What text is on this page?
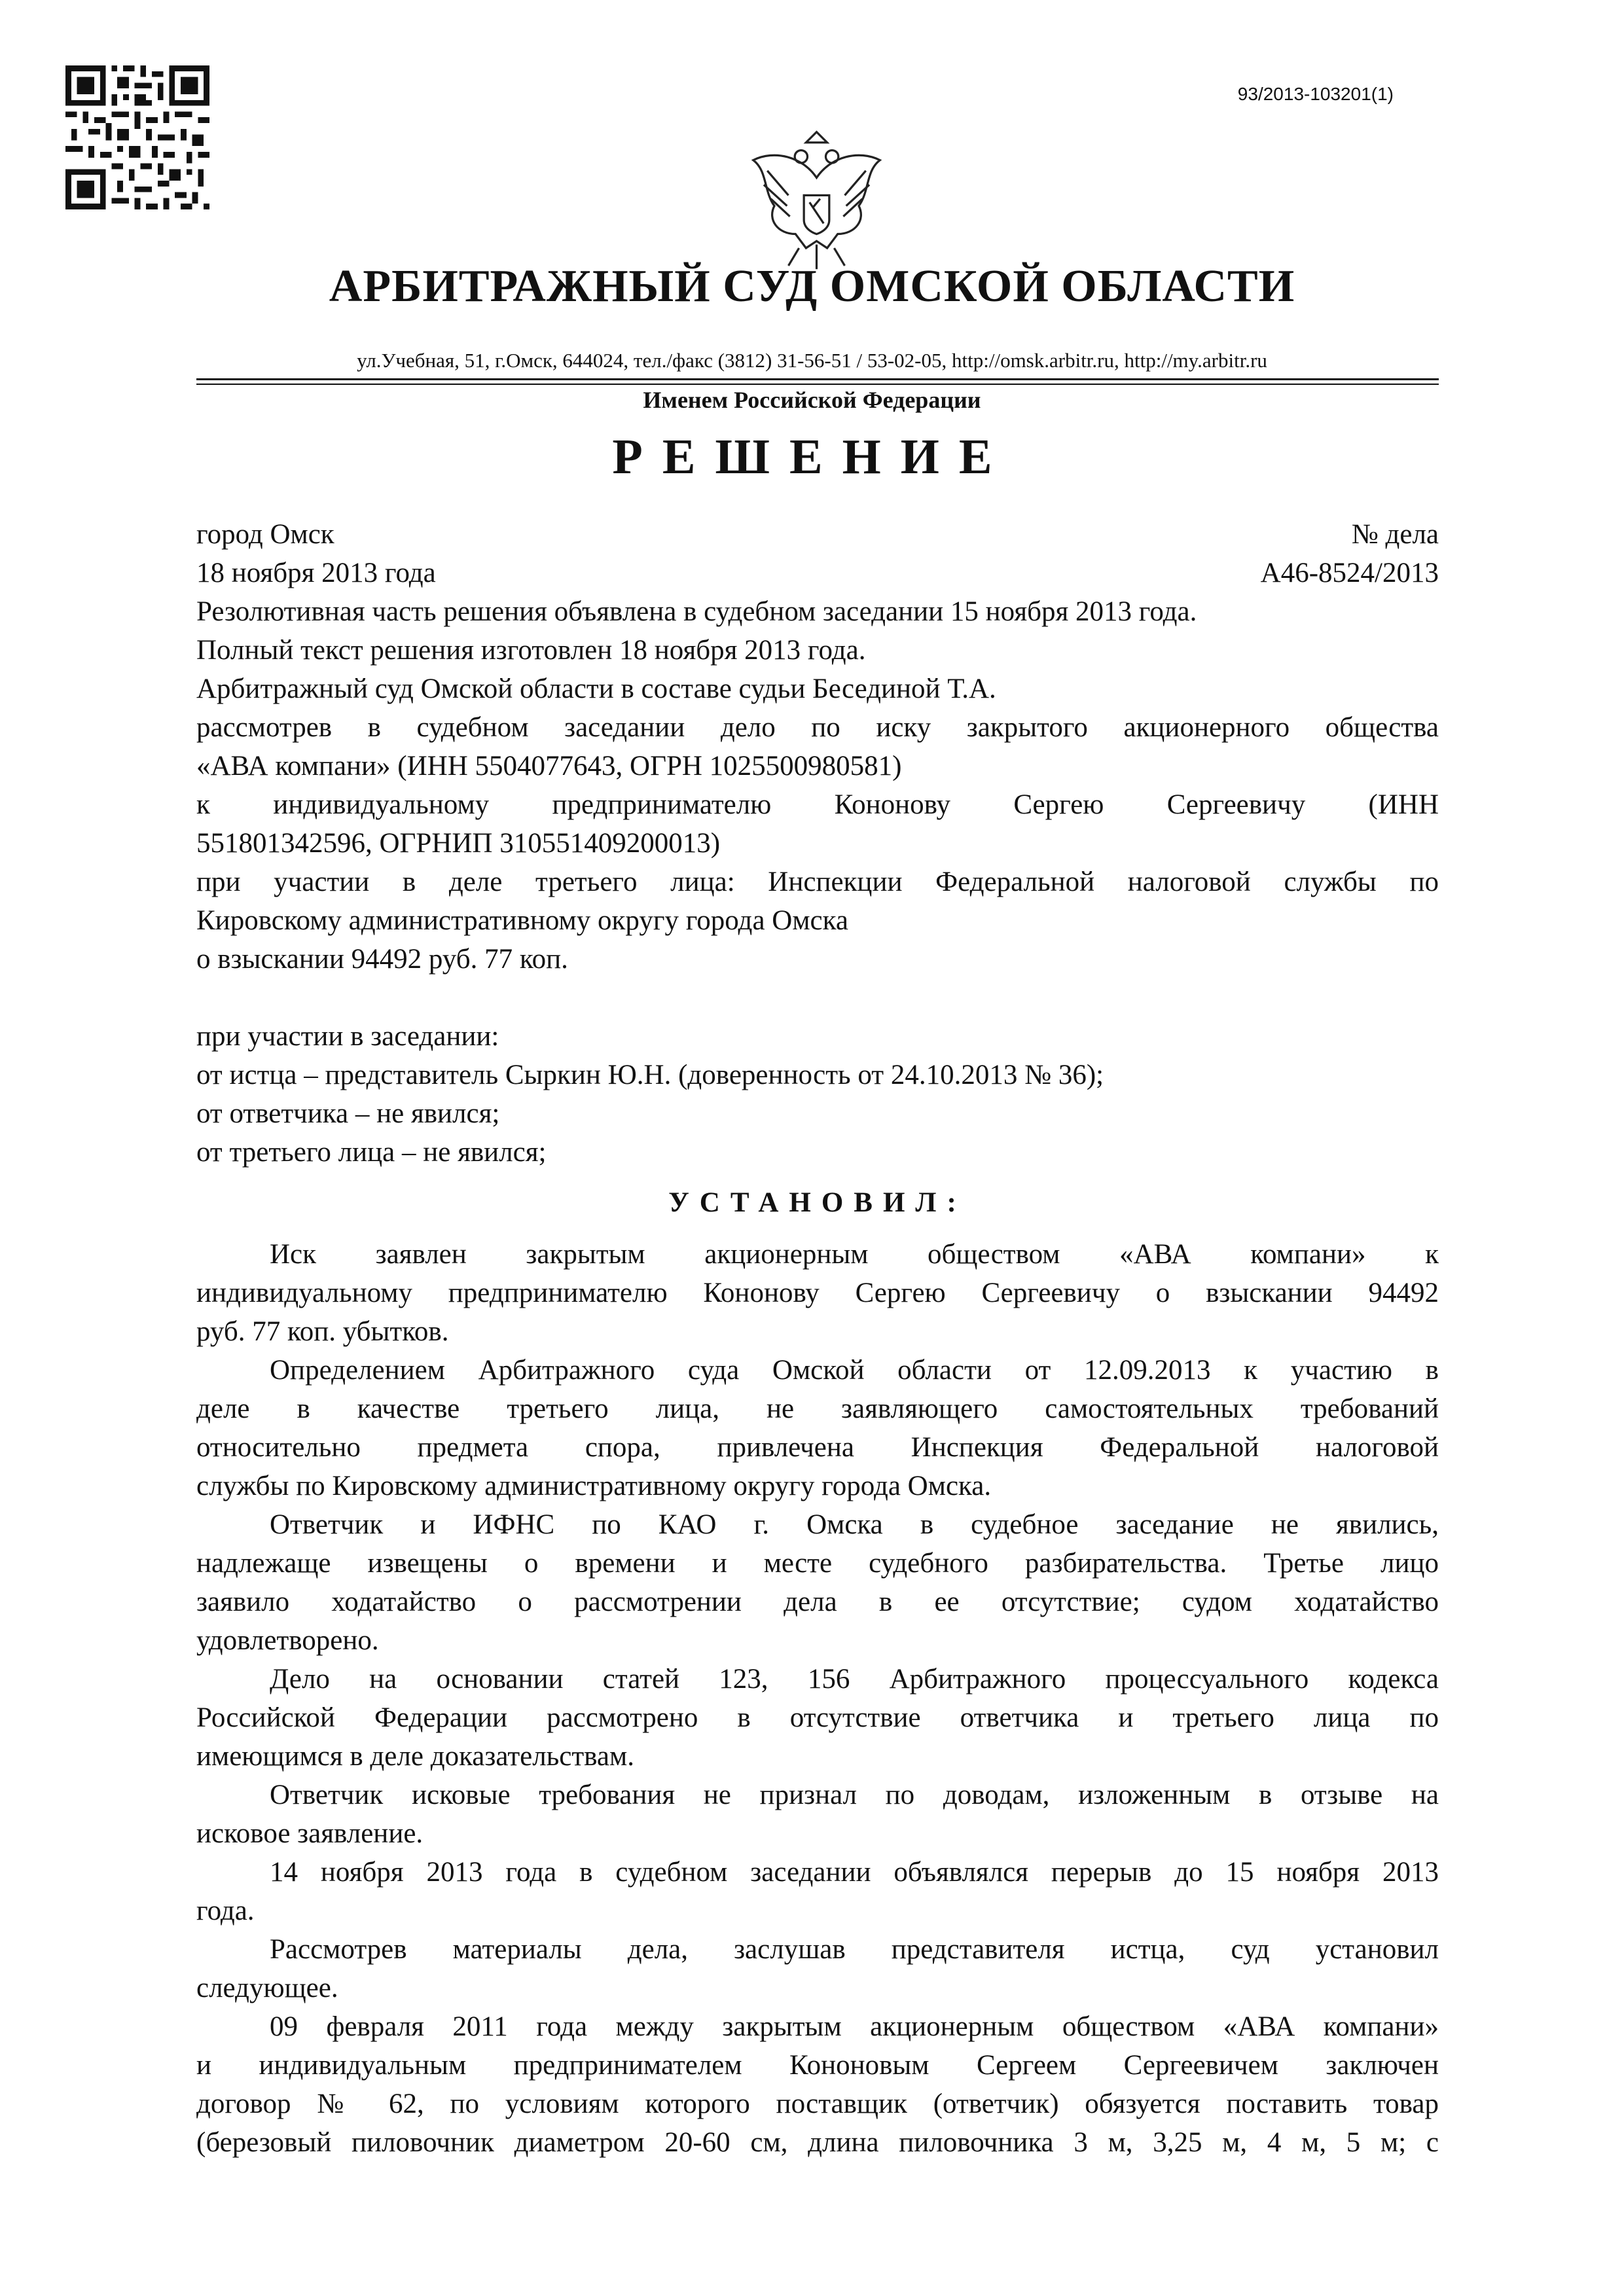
93/2013-103201(1)
АРБИТРАЖНЫЙ СУД ОМСКОЙ ОБЛАСТИ
ул.Учебная, 51, г.Омск, 644024, тел./факс (3812) 31-56-51 / 53-02-05, http://omsk.arbitr.ru, http://my.arbitr.ru
Именем Российской Федерации
РЕШЕНИЕ
город Омск	№ дела
18 ноября 2013 года	А46-8524/2013
Резолютивная часть решения объявлена в судебном заседании 15 ноября 2013 года.
Полный текст решения изготовлен 18 ноября 2013 года.
Арбитражный суд Омской области в составе судьи Бесединой Т.А.
рассмотрев в судебном заседании дело по иску закрытого акционерного общества
«АВА компани» (ИНН 5504077643, ОГРН 1025500980581)
к индивидуальному предпринимателю Кононову Сергею Сергеевичу (ИНН
551801342596, ОГРНИП 310551409200013)
при участии в деле третьего лица: Инспекции Федеральной налоговой службы по
Кировскому административному округу города Омска
о взыскании 94492 руб. 77 коп.
при участии в заседании:
от истца – представитель Сыркин Ю.Н. (доверенность от 24.10.2013 № 36);
от ответчика – не явился;
от третьего лица – не явился;
УСТАНОВИЛ:
Иск заявлен закрытым акционерным обществом «АВА компани» к
индивидуальному предпринимателю Кононову Сергею Сергеевичу о взыскании 94492
руб. 77 коп. убытков.
Определением Арбитражного суда Омской области от 12.09.2013 к участию в
деле в качестве третьего лица, не заявляющего самостоятельных требований
относительно предмета спора, привлечена Инспекция Федеральной налоговой
службы по Кировскому административному округу города Омска.
Ответчик и ИФНС по КАО г. Омска в судебное заседание не явились,
надлежаще извещены о времени и месте судебного разбирательства. Третье лицо
заявило ходатайство о рассмотрении дела в ее отсутствие; судом ходатайство
удовлетворено.
Дело на основании статей 123, 156 Арбитражного процессуального кодекса
Российской Федерации рассмотрено в отсутствие ответчика и третьего лица по
имеющимся в деле доказательствам.
Ответчик исковые требования не признал по доводам, изложенным в отзыве на
исковое заявление.
14 ноября 2013 года в судебном заседании объявлялся перерыв до 15 ноября 2013
года.
Рассмотрев материалы дела, заслушав представителя истца, суд установил
следующее.
09 февраля 2011 года между закрытым акционерным обществом «АВА компани»
и индивидуальным предпринимателем Кононовым Сергеем Сергеевичем заключен
договор № 62, по условиям которого поставщик (ответчик) обязуется поставить товар
(березовый пиловочник диаметром 20-60 см, длина пиловочника 3 м, 3,25 м, 4 м, 5 м; с
